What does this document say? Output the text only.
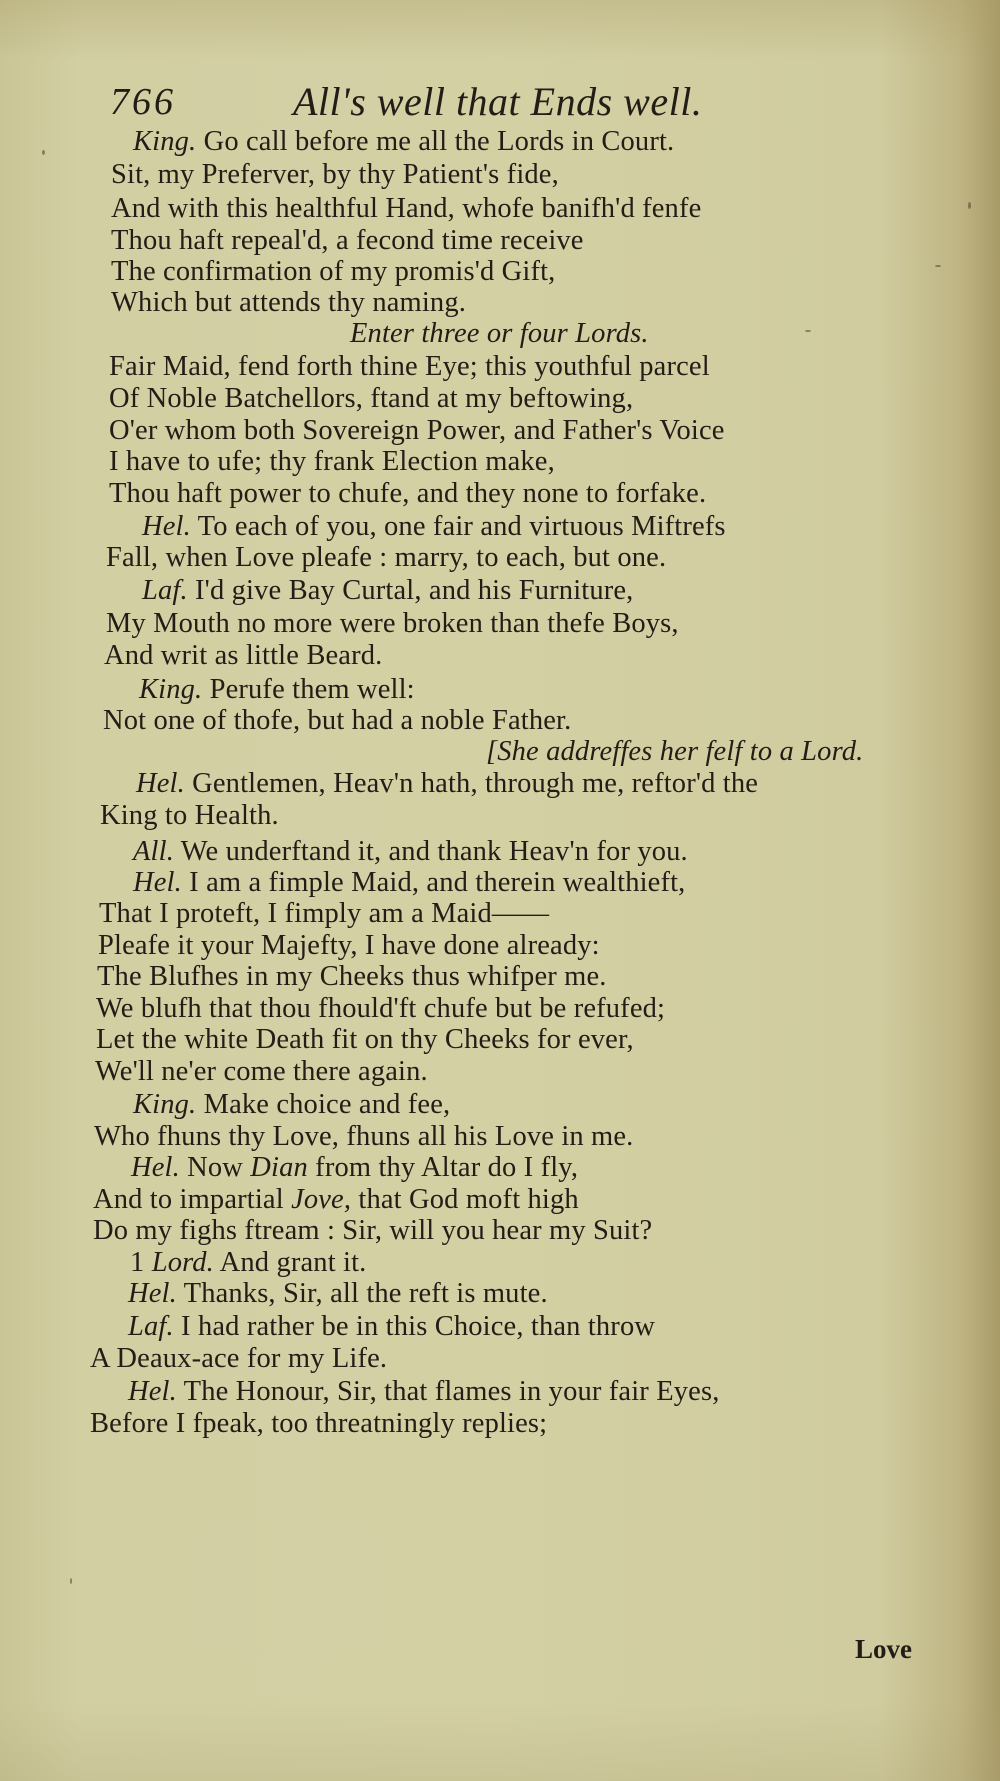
766	All's well that Ends well.
King. Go call before me all the Lords in Court.
Sit, my Preferver, by thy Patient's fide,
And with this healthful Hand, whofe banifh'd fenfe
Thou haft repeal'd, a fecond time receive
The confirmation of my promis'd Gift,
Which but attends thy naming.
Enter three or four Lords.
Fair Maid, fend forth thine Eye; this youthful parcel
Of Noble Batchellors, ftand at my beftowing,
O'er whom both Sovereign Power, and Father's Voice
I have to ufe; thy frank Election make,
Thou haft power to chufe, and they none to forfake.
Hel. To each of you, one fair and virtuous Miftrefs
Fall, when Love pleafe : marry, to each, but one.
Laf. I'd give Bay Curtal, and his Furniture,
My Mouth no more were broken than thefe Boys,
And writ as little Beard.
King. Perufe them well:
Not one of thofe, but had a noble Father.
[She addreffes her felf to a Lord.
Hel. Gentlemen, Heav'n hath, through me, reftor'd the
King to Health.
All. We underftand it, and thank Heav'n for you.
Hel. I am a fimple Maid, and therein wealthieft,
That I proteft, I fimply am a Maid——
Pleafe it your Majefty, I have done already:
The Blufhes in my Cheeks thus whifper me.
We blufh that thou fhould'ft chufe but be refufed;
Let the white Death fit on thy Cheeks for ever,
We'll ne'er come there again.
King. Make choice and fee,
Who fhuns thy Love, fhuns all his Love in me.
Hel. Now Dian from thy Altar do I fly,
And to impartial Jove, that God moft high
Do my fighs ftream : Sir, will you hear my Suit?
1 Lord. And grant it.
Hel. Thanks, Sir, all the reft is mute.
Laf. I had rather be in this Choice, than throw
A Deaux-ace for my Life.
Hel. The Honour, Sir, that flames in your fair Eyes,
Before I fpeak, too threatningly replies;
Love
